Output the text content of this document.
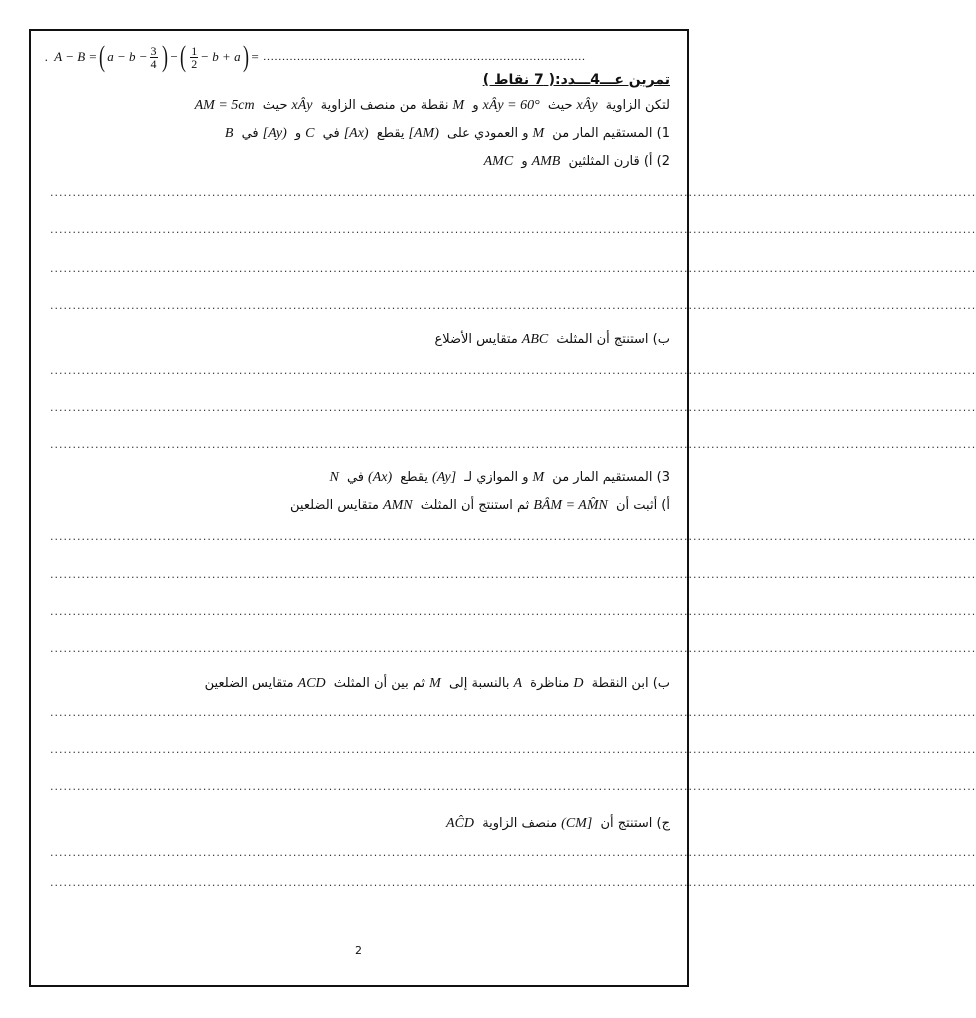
. A − B = ( $a - b - \frac{3}{4}$ ) − ( $\frac{1}{2} - b + a$ ) = ......................................................................................
تمرين عـــ4ـــدد:( 7 نقاط )
لتكن الزاوية xÂyحيث xÂy = 60°و Mنقطة من منصف الزاوية xÂyحيث AM = 5cm
1) المستقيم المار من Mو العمودي على [AM)يقطع [Ax)في Cو [Ay)في B
2) أ) قارن المثلثين AMBو AMC
ب) استنتج أن المثلث ABCمتقايس الأضلاع
3) المستقيم المار من Mو الموازي لـ (Ay]يقطع (Ax)في N
أ) أثبت أن BÂM = AM̂Nثم استنتج أن المثلث AMNمتقايس الضلعين
ب) ابن النقطة Dمناظرة Aبالنسبة إلى Mثم بين أن المثلث ACDمتقايس الضلعين
ج) استنتج أن (CM]منصف الزاوية AĈD
..............................................................................................................................................................................................................
..............................................................................................................................................................................................................
..............................................................................................................................................................................................................
..............................................................................................................................................................................................................
..............................................................................................................................................................................................................
..............................................................................................................................................................................................................
..............................................................................................................................................................................................................
..............................................................................................................................................................................................................
..............................................................................................................................................................................................................
..............................................................................................................................................................................................................
..............................................................................................................................................................................................................
..............................................................................................................................................................................................................
..............................................................................................................................................................................................................
..............................................................................................................................................................................................................
..............................................................................................................................................................................................................
..............................................................................................................................................................................................................
2
